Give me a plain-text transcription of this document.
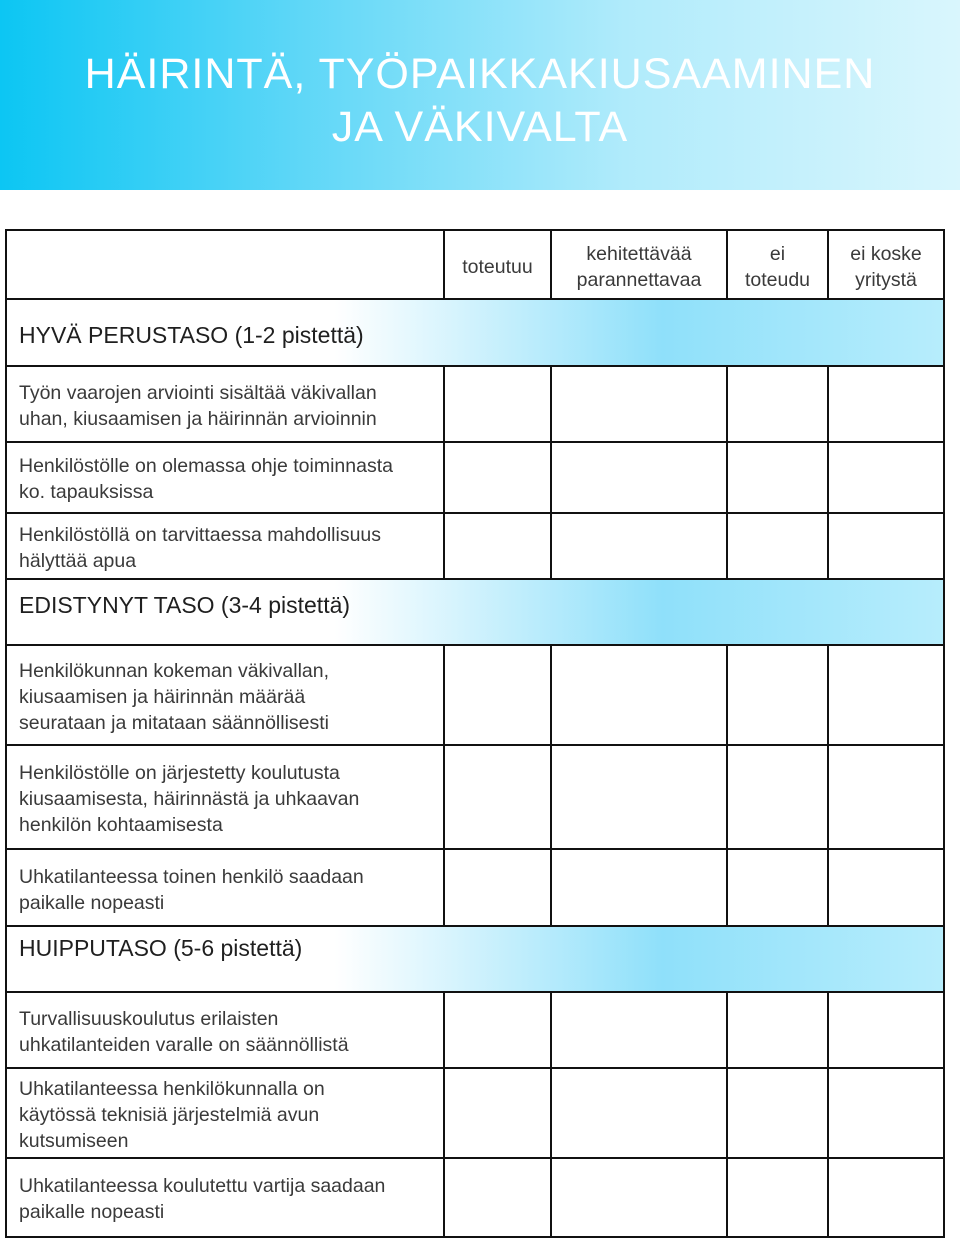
HÄIRINTÄ, TYÖPAIKKAKIUSAAMINEN
JA VÄKIVALTA
HYVÄ PERUSTASO (1-2 pistettä)
EDISTYNYT TASO (3-4 pistettä)
HUIPPUTASO (5-6 pistettä)
toteutuu
kehitettävää
parannettavaa
ei
toteudu
ei koske
yritystä
Työn vaarojen arviointi sisältää väkivallan
uhan, kiusaamisen ja häirinnän arvioinnin
Henkilöstölle on olemassa ohje toiminnasta
ko. tapauksissa
Henkilöstöllä on tarvittaessa mahdollisuus
hälyttää apua
Henkilökunnan kokeman väkivallan,
kiusaamisen ja häirinnän määrää
seurataan ja mitataan säännöllisesti
Henkilöstölle on järjestetty koulutusta
kiusaamisesta, häirinnästä ja uhkaavan
henkilön kohtaamisesta
Uhkatilanteessa toinen henkilö saadaan
paikalle nopeasti
Turvallisuuskoulutus erilaisten
uhkatilanteiden varalle on säännöllistä
Uhkatilanteessa henkilökunnalla on
käytössä teknisiä järjestelmiä avun
kutsumiseen
Uhkatilanteessa koulutettu vartija saadaan
paikalle nopeasti
